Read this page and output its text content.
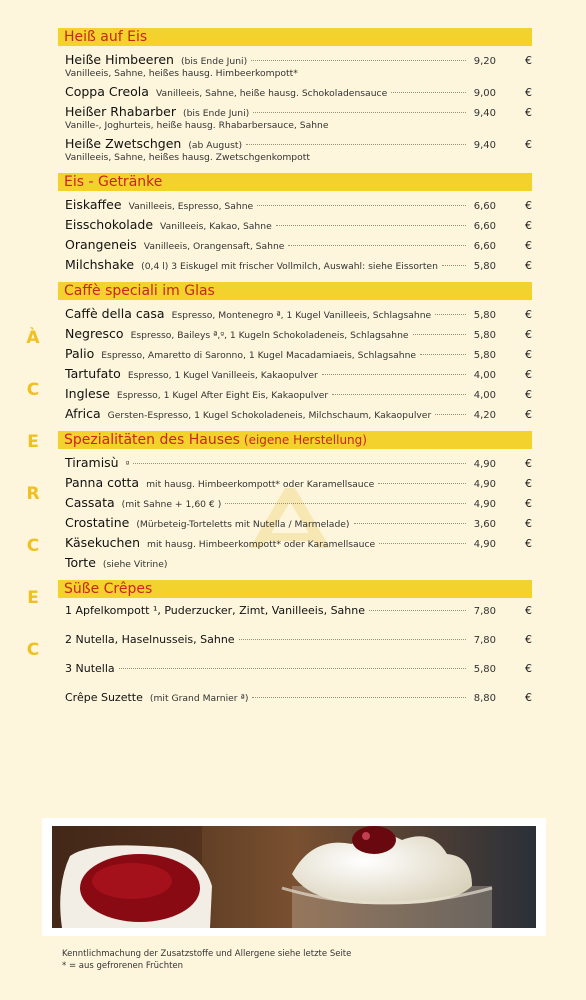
À
C
E
R
C
E
C
Heiß auf Eis
Heiße Himbeeren (bis Ende Juni)	9,20	€
Vanilleeis, Sahne, heißes hausg. Himbeerkompott*
Coppa Creola Vanilleeis, Sahne, heiße hausg. Schokoladensauce	9,00	€
Heißer Rhabarber (bis Ende Juni)	9,40	€
Vanille-, Joghurteis, heiße hausg. Rhabarbersauce, Sahne
Heiße Zwetschgen (ab August)	9,40	€
Vanilleeis, Sahne, heißes hausg. Zwetschgenkompott
Eis - Getränke
Eiskaffee Vanilleeis, Espresso, Sahne	6,60	€
Eisschokolade Vanilleeis, Kakao, Sahne	6,60	€
Orangeneis Vanilleeis, Orangensaft, Sahne	6,60	€
Milchshake (0,4 l) 3 Eiskugel mit frischer Vollmilch, Auswahl: siehe Eissorten	5,80	€
Caffè speciali im Glas
Caffè della casa Espresso, Montenegro ª, 1 Kugel Vanilleeis, Schlagsahne	5,80	€
Negresco Espresso, Baileys ª,ᵍ, 1 Kugeln Schokoladeneis, Schlagsahne	5,80	€
Palio Espresso, Amaretto di Saronno, 1 Kugel Macadamiaeis, Schlagsahne	5,80	€
Tartufato Espresso, 1 Kugel Vanilleeis, Kakaopulver	4,00	€
Inglese Espresso, 1 Kugel After Eight Eis, Kakaopulver	4,00	€
Africa Gersten-Espresso, 1 Kugel Schokoladeneis, Milchschaum, Kakaopulver	4,20	€
Spezialitäten des Hauses (eigene Herstellung)
Tiramisù ᵍ	4,90	€
Panna cotta mit hausg. Himbeerkompott* oder Karamellsauce	4,90	€
Cassata (mit Sahne + 1,60 € )	4,90	€
Crostatine (Mürbeteig-Torteletts mit Nutella / Marmelade)	3,60	€
Käsekuchen mit hausg. Himbeerkompott* oder Karamellsauce	4,90	€
Torte (siehe Vitrine)
Süße Crêpes
1 Apfelkompott ¹, Puderzucker, Zimt, Vanilleeis, Sahne	7,80	€
2 Nutella, Haselnusseis, Sahne	7,80	€
3 Nutella	5,80	€
Crêpe Suzette (mit Grand Marnier ª)	8,80	€
Kenntlichmachung der Zusatzstoffe und Allergene siehe letzte Seite
* = aus gefrorenen Früchten
